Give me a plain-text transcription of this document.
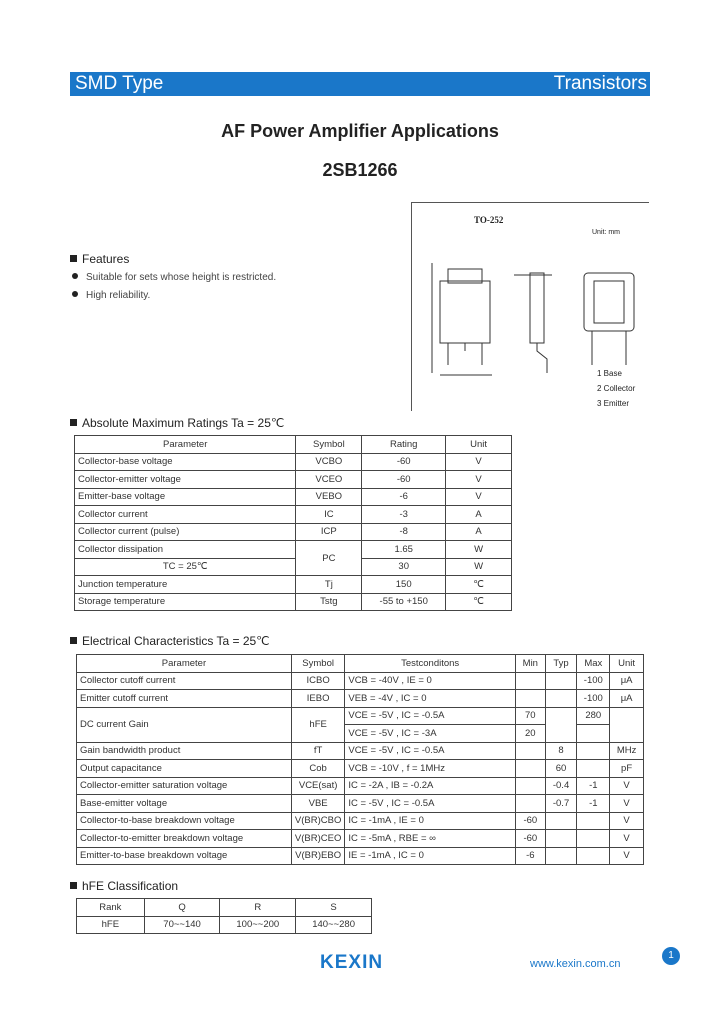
SMD Type	Transistors
AF Power Amplifier Applications
2SB1266
TO-252
Unit: mm
1 Base
2 Collector
3 Emitter
Features
Suitable for sets whose height is restricted.
High reliability.
Absolute Maximum Ratings Ta = 25℃
Parameter	Symbol	Rating	Unit
Collector-base voltage	VCBO	-60	V
Collector-emitter voltage	VCEO	-60	V
Emitter-base voltage	VEBO	-6	V
Collector current	IC	-3	A
Collector current (pulse)	ICP	-8	A
Collector dissipation	PC	1.65	W
TC = 25℃		30	W
Junction temperature	Tj	150	℃
Storage temperature	Tstg	-55 to +150	℃
Electrical Characteristics Ta = 25℃
Parameter	Symbol	Testconditons	Min	Typ	Max	Unit
Collector cutoff current	ICBO	VCB = -40V , IE = 0			-100	μA
Emitter cutoff current	IEBO	VEB = -4V , IC = 0			-100	μA
DC current Gain	hFE	VCE = -5V , IC = -0.5A	70		280	
		VCE = -5V , IC = -3A	20			
Gain bandwidth product	fT	VCE = -5V , IC = -0.5A		8		MHz
Output capacitance	Cob	VCB = -10V , f = 1MHz		60		pF
Collector-emitter saturation voltage	VCE(sat)	IC = -2A , IB = -0.2A		-0.4	-1	V
Base-emitter voltage	VBE	IC = -5V , IC = -0.5A		-0.7	-1	V
Collector-to-base breakdown voltage	V(BR)CBO	IC = -1mA , IE = 0	-60			V
Collector-to-emitter breakdown voltage	V(BR)CEO	IC = -5mA , RBE = ∞	-60			V
Emitter-to-base breakdown voltage	V(BR)EBO	IE = -1mA , IC = 0	-6			V
hFE Classification
Rank	Q	R	S
hFE	70~~140	100~~200	140~~280
KEXIN	www.kexin.com.cn
1
